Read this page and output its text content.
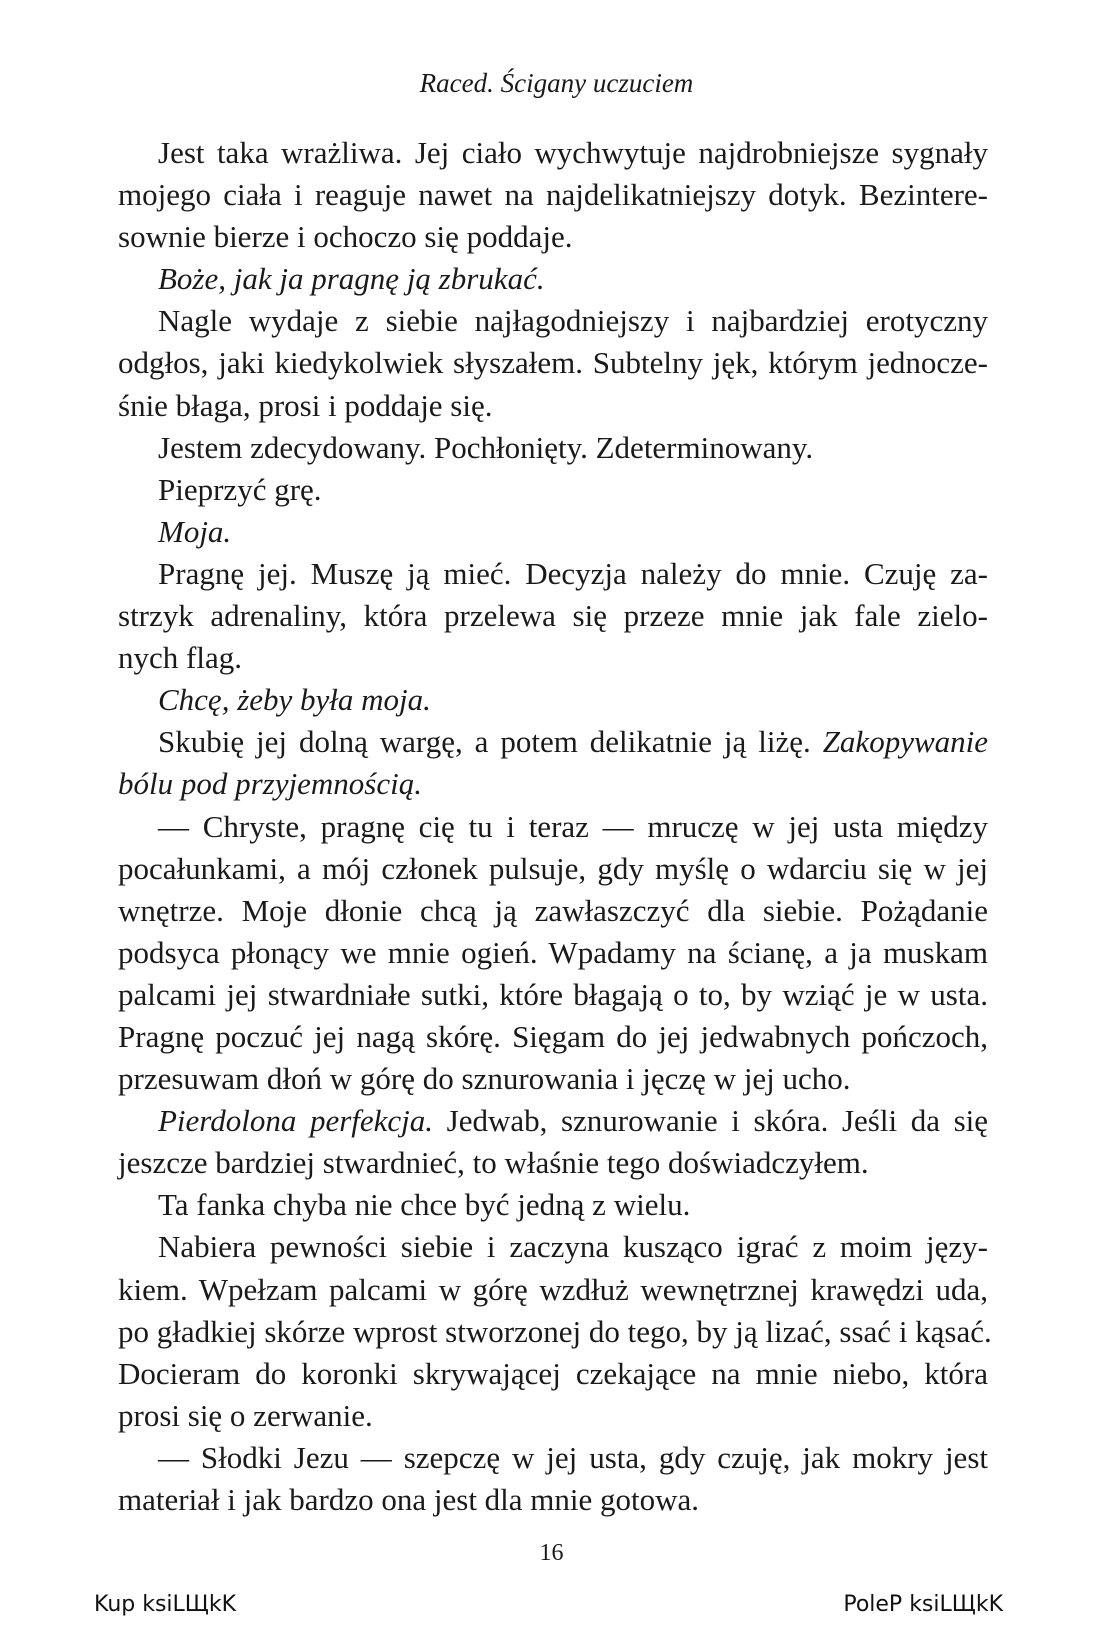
Raced. Ścigany uczuciem
Jest taka wrażliwa. Jej ciało wychwytuje najdrobniejsze sygnały
mojego ciała i reaguje nawet na najdelikatniejszy dotyk. Bezintere-
sownie bierze i ochoczo się poddaje.
Boże, jak ja pragnę ją zbrukać.
Nagle wydaje z siebie najłagodniejszy i najbardziej erotyczny
odgłos, jaki kiedykolwiek słyszałem. Subtelny jęk, którym jednocze-
śnie błaga, prosi i poddaje się.
Jestem zdecydowany. Pochłonięty. Zdeterminowany.
Pieprzyć grę.
Moja.
Pragnę jej. Muszę ją mieć. Decyzja należy do mnie. Czuję za-
strzyk adrenaliny, która przelewa się przeze mnie jak fale zielo-
nych flag.
Chcę, żeby była moja.
Skubię jej dolną wargę, a potem delikatnie ją liżę. Zakopywanie
bólu pod przyjemnością.
— Chryste, pragnę cię tu i teraz — mruczę w jej usta między
pocałunkami, a mój członek pulsuje, gdy myślę o wdarciu się w jej
wnętrze. Moje dłonie chcą ją zawłaszczyć dla siebie. Pożądanie
podsyca płonący we mnie ogień. Wpadamy na ścianę, a ja muskam
palcami jej stwardniałe sutki, które błagają o to, by wziąć je w usta.
Pragnę poczuć jej nagą skórę. Sięgam do jej jedwabnych pończoch,
przesuwam dłoń w górę do sznurowania i jęczę w jej ucho.
Pierdolona perfekcja. Jedwab, sznurowanie i skóra. Jeśli da się
jeszcze bardziej stwardnieć, to właśnie tego doświadczyłem.
Ta fanka chyba nie chce być jedną z wielu.
Nabiera pewności siebie i zaczyna kusząco igrać z moim języ-
kiem. Wpełzam palcami w górę wzdłuż wewnętrznej krawędzi uda,
po gładkiej skórze wprost stworzonej do tego, by ją lizać, ssać i kąsać.
Docieram do koronki skrywającej czekające na mnie niebo, która
prosi się o zerwanie.
— Słodki Jezu — szepczę w jej usta, gdy czuję, jak mokry jest
materiał i jak bardzo ona jest dla mnie gotowa.
16
Kup ksiLЩkK	PoleP ksiLЩkK
